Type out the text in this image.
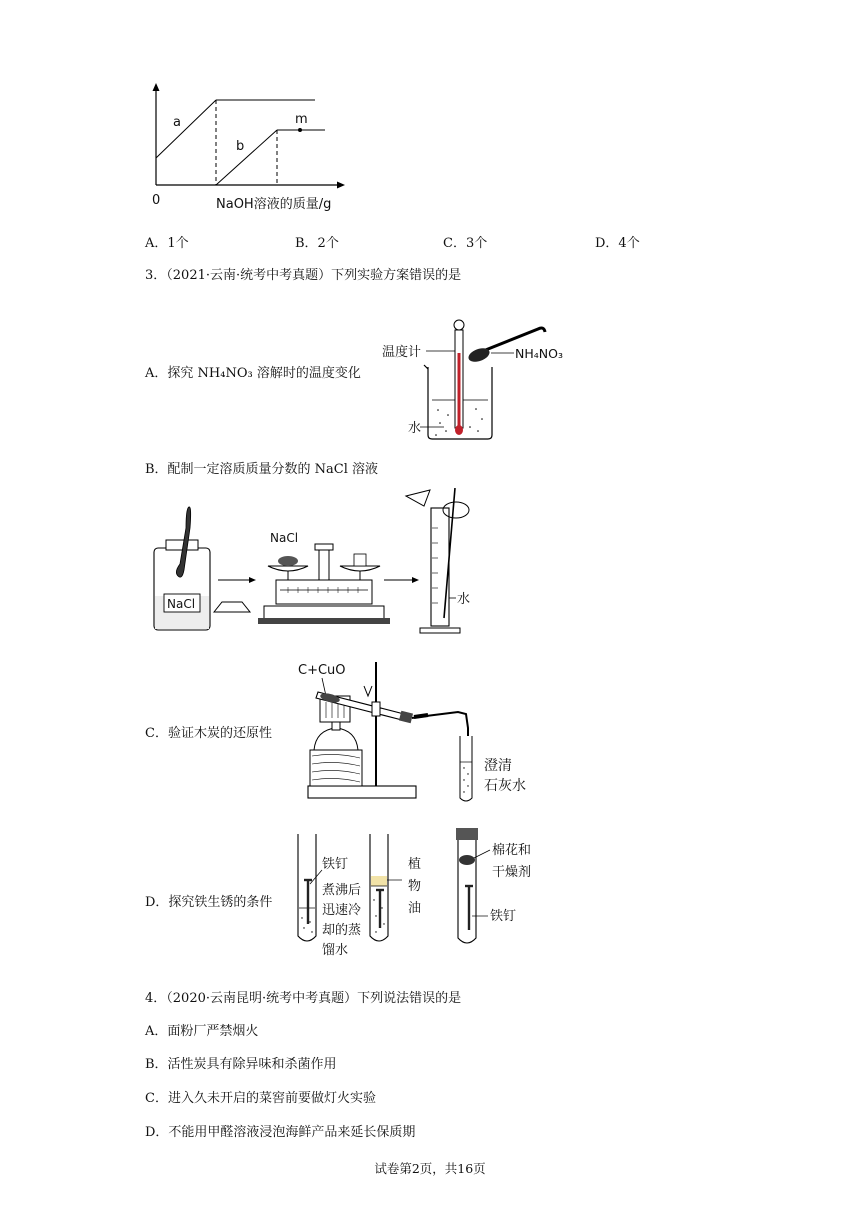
a
b
m
0	NaOH溶液的质量/g
A．1个	B．2个	C．3个	D．4个
3．（2021·云南·统考中考真题）下列实验方案错误的是
A．探究 NH₄NO₃ 溶解时的温度变化
温度计	NH₄NO₃
水
B．配制一定溶质质量分数的 NaCl 溶液
NaCl
NaCl
水
C．验证木炭的还原性
C+CuO
澄清
石灰水
D．探究铁生锈的条件
铁钉
煮沸后
迅速冷
却的蒸
馏水
植
物
油
棉花和
干燥剂
铁钉
4．（2020·云南昆明·统考中考真题）下列说法错误的是
A．面粉厂严禁烟火
B．活性炭具有除异味和杀菌作用
C．进入久未开启的菜窖前要做灯火实验
D．不能用甲醛溶液浸泡海鲜产品来延长保质期
试卷第2页，共16页
